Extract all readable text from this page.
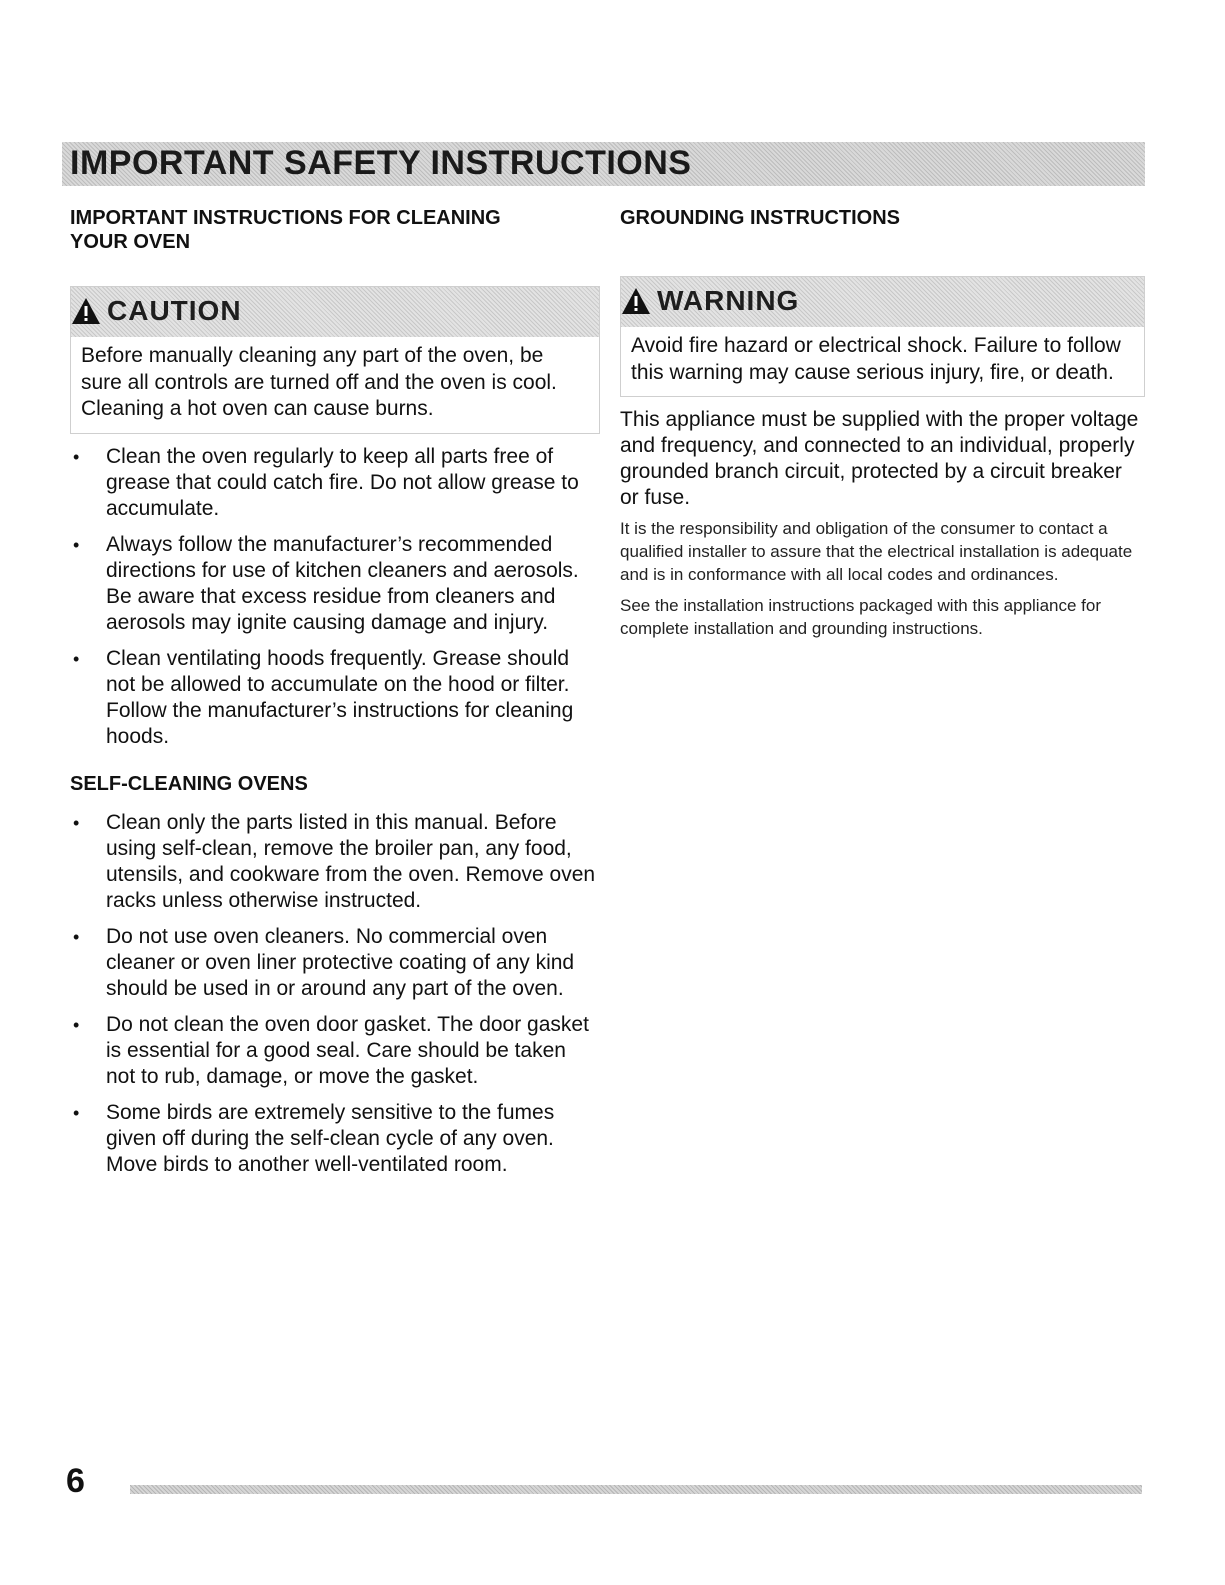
IMPORTANT SAFETY INSTRUCTIONS
IMPORTANT INSTRUCTIONS FOR CLEANING YOUR OVEN
CAUTION
Before manually cleaning any part of the oven, be sure all controls are turned off and the oven is cool. Cleaning a hot oven can cause burns.
• Clean the oven regularly to keep all parts free of grease that could catch fire. Do not allow grease to accumulate.
• Always follow the manufacturer’s recommended directions for use of kitchen cleaners and aerosols. Be aware that excess residue from cleaners and aerosols may ignite causing damage and injury.
• Clean ventilating hoods frequently. Grease should not be allowed to accumulate on the hood or filter. Follow the manufacturer’s instructions for cleaning hoods.
SELF-CLEANING OVENS
• Clean only the parts listed in this manual. Before using self-clean, remove the broiler pan, any food, utensils, and cookware from the oven. Remove oven racks unless otherwise instructed.
• Do not use oven cleaners. No commercial oven cleaner or oven liner protective coating of any kind should be used in or around any part of the oven.
• Do not clean the oven door gasket. The door gasket is essential for a good seal. Care should be taken not to rub, damage, or move the gasket.
• Some birds are extremely sensitive to the fumes given off during the self-clean cycle of any oven. Move birds to another well-ventilated room.
GROUNDING INSTRUCTIONS
WARNING
Avoid fire hazard or electrical shock. Failure to follow this warning may cause serious injury, fire, or death.

This appliance must be supplied with the proper voltage and frequency, and connected to an individual, properly grounded branch circuit, protected by a circuit breaker or fuse.

It is the responsibility and obligation of the consumer to contact a qualified installer to assure that the electrical installation is adequate and is in conformance with all local codes and ordinances.

See the installation instructions packaged with this appliance for complete installation and grounding instructions.

6
